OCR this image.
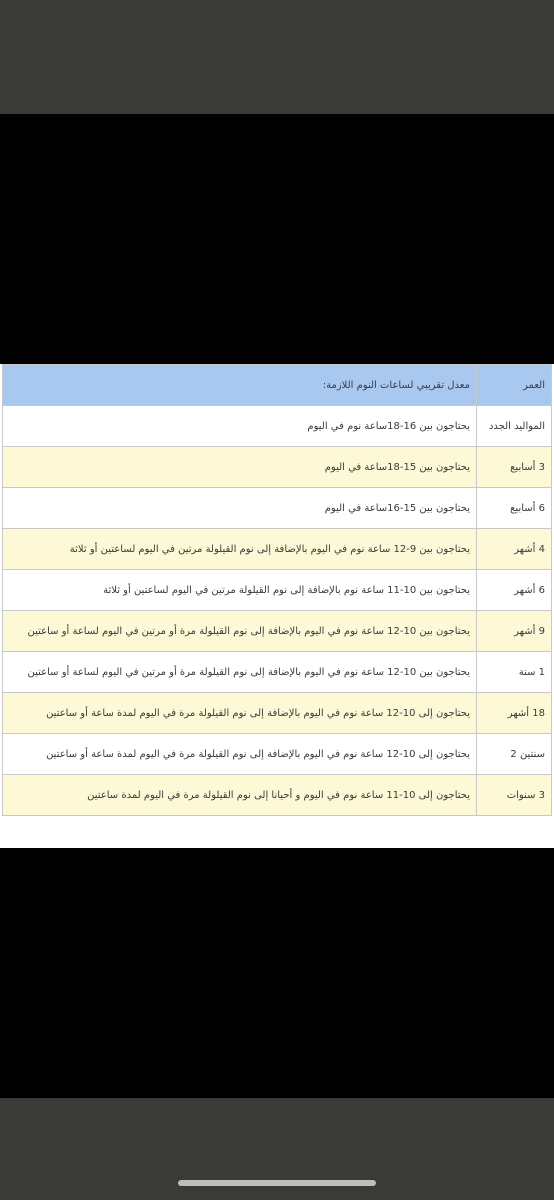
العمر	معدل تقريبي لساعات النوم اللازمة:
المواليد الجدد	يحتاجون بين 16-18ساعة نوم في اليوم
3 أسابيع	يحتاجون بين 15-18ساعة في اليوم
6 أسابيع	يحتاجون بين 15-16ساعة في اليوم
4 أشهر	يحتاجون بين 9-12 ساعة نوم في اليوم بالإضافة إلى نوم القيلولة مرتين في اليوم لساعتين أو ثلاثة
6 أشهر	يحتاجون بين 10-11 ساعة نوم بالإضافة إلى نوم القيلولة مرتين في اليوم لساعتين أو ثلاثة
9 أشهر	يحتاجون بين 10-12 ساعة نوم في اليوم بالإضافة إلى نوم القيلولة مرة أو مرتين في اليوم لساعة أو ساعتين
1 سنة	يحتاجون بين 10-12 ساعة نوم في اليوم بالإضافة إلى نوم القيلولة مرة أو مرتين في اليوم لساعة أو ساعتين
18 أشهر	يحتاجون إلى 10-12 ساعة نوم في اليوم بالإضافة إلى نوم القيلولة مرة في اليوم لمدة ساعة أو ساعتين
سنتين 2	يحتاجون إلى 10-12 ساعة نوم في اليوم بالإضافة إلى نوم القيلولة مرة في اليوم لمدة ساعة أو ساعتين
3 سنوات	يحتاجون إلى 10-11 ساعة نوم في اليوم و أحيانا إلى نوم القيلولة مرة في اليوم لمدة ساعتين
